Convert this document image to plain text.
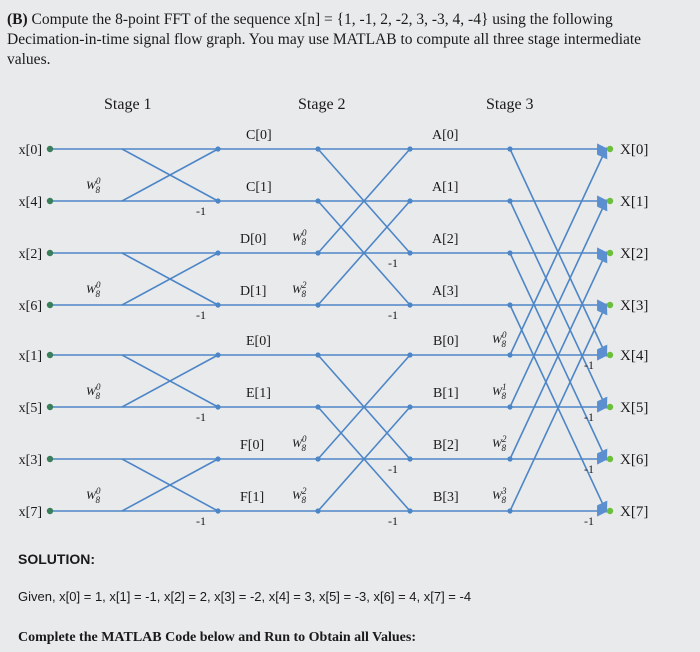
(B) Compute the 8-point FFT of the sequence x[n] = {1, -1, 2, -2, 3, -3, 4, -4} using the following Decimation-in-time signal flow graph. You may use MATLAB to compute all three stage intermediate values.
Stage 1	Stage 2	Stage 3
-1
-1
-1
-1
-1
-1
-1
-1
-1
-1
-1
-1
$W^0$ 8
$W^0$ 8
$W^0$ 8
$W^0$ 8
$W^0$ 8
$W^2$ 8
$W^0$ 8
$W^2$ 8
$W^0$ 8
$W^1$ 8
$W^2$ 8
$W^3$ 8
x[0]	X[0]
x[4]	X[1]
x[2]	X[2]
x[6]	X[3]
x[1]	X[4]
x[5]	X[5]
x[3]	X[6]
x[7]	X[7]
C[0]	A[0]
C[1]	A[1]
D[0]	A[2]
D[1]	A[3]
E[0]	B[0]
E[1]	B[1]
F[0]	B[2]
F[1]	B[3]
SOLUTION:
Given, x[0] = 1, x[1] = -1, x[2] = 2, x[3] = -2, x[4] = 3, x[5] = -3, x[6] = 4, x[7] = -4
Complete the MATLAB Code below and Run to Obtain all Values:
